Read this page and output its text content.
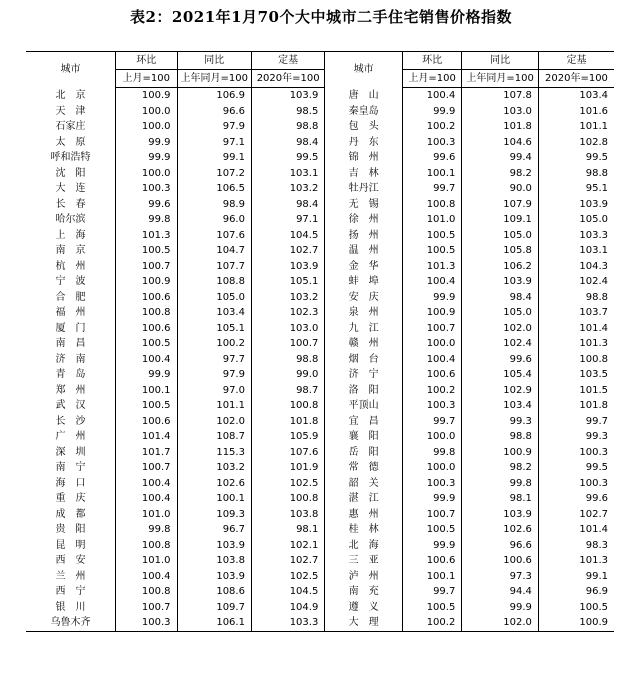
表2：2021年1月70个大中城市二手住宅销售价格指数
城市	环比	同比	定基	城市	环比	同比	定基
	上月=100	上年同月=100	2020年=100		上月=100	上年同月=100	2020年=100
北　京	100.9	106.9	103.9	唐　山	100.4	107.8	103.4
天　津	100.0	96.6	98.5	秦皇岛	99.9	103.0	101.6
石家庄	100.0	97.9	98.8	包　头	100.2	101.8	101.1
太　原	99.9	97.1	98.4	丹　东	100.3	104.6	102.8
呼和浩特	99.9	99.1	99.5	锦　州	99.6	99.4	99.5
沈　阳	100.0	107.2	103.1	吉　林	100.1	98.2	98.8
大　连	100.3	106.5	103.2	牡丹江	99.7	90.0	95.1
长　春	99.6	98.9	98.4	无　锡	100.8	107.9	103.9
哈尔滨	99.8	96.0	97.1	徐　州	101.0	109.1	105.0
上　海	101.3	107.6	104.5	扬　州	100.5	105.0	103.3
南　京	100.5	104.7	102.7	温　州	100.5	105.8	103.1
杭　州	100.7	107.7	103.9	金　华	101.3	106.2	104.3
宁　波	100.9	108.8	105.1	蚌　埠	100.4	103.9	102.4
合　肥	100.6	105.0	103.2	安　庆	99.9	98.4	98.8
福　州	100.8	103.4	102.3	泉　州	100.9	105.0	103.7
厦　门	100.6	105.1	103.0	九　江	100.7	102.0	101.4
南　昌	100.5	100.2	100.7	赣　州	100.0	102.4	101.3
济　南	100.4	97.7	98.8	烟　台	100.4	99.6	100.8
青　岛	99.9	97.9	99.0	济　宁	100.6	105.4	103.5
郑　州	100.1	97.0	98.7	洛　阳	100.2	102.9	101.5
武　汉	100.5	101.1	100.8	平顶山	100.3	103.4	101.8
长　沙	100.6	102.0	101.8	宜　昌	99.7	99.3	99.7
广　州	101.4	108.7	105.9	襄　阳	100.0	98.8	99.3
深　圳	101.7	115.3	107.6	岳　阳	99.8	100.9	100.3
南　宁	100.7	103.2	101.9	常　德	100.0	98.2	99.5
海　口	100.4	102.6	102.5	韶　关	100.3	99.8	100.3
重　庆	100.4	100.1	100.8	湛　江	99.9	98.1	99.6
成　都	101.0	109.3	103.8	惠　州	100.7	103.9	102.7
贵　阳	99.8	96.7	98.1	桂　林	100.5	102.6	101.4
昆　明	100.8	103.9	102.1	北　海	99.9	96.6	98.3
西　安	101.0	103.8	102.7	三　亚	100.6	100.6	101.3
兰　州	100.4	103.9	102.5	泸　州	100.1	97.3	99.1
西　宁	100.8	108.6	104.5	南　充	99.7	94.4	96.9
银　川	100.7	109.7	104.9	遵　义	100.5	99.9	100.5
乌鲁木齐	100.3	106.1	103.3	大　理	100.2	102.0	100.9
